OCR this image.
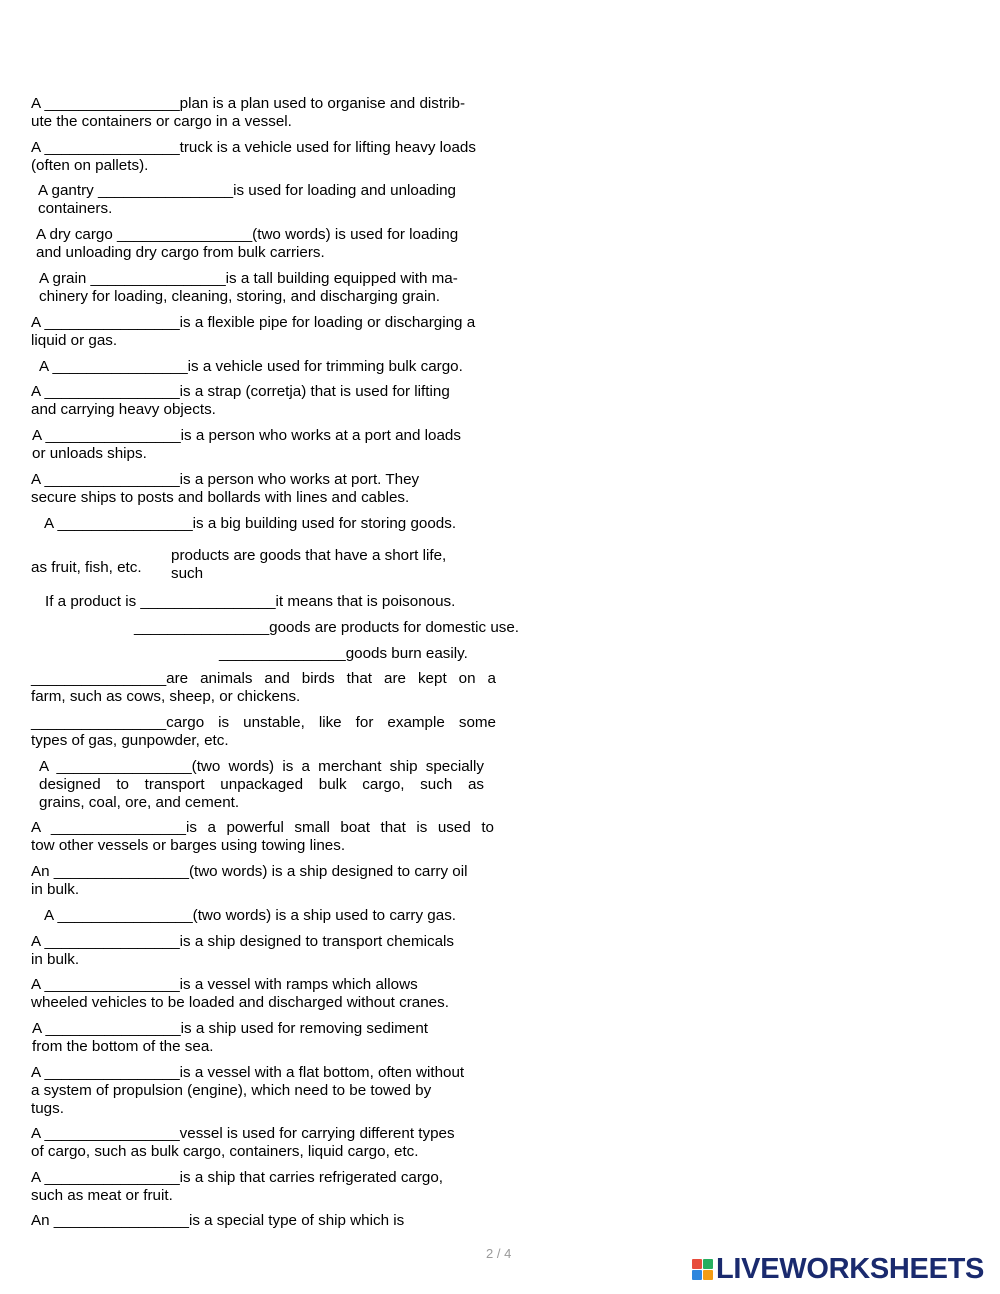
A ________________plan is a plan used to organise and distrib-
ute the containers or cargo in a vessel.
A ________________truck is a vehicle used for lifting heavy loads
(often on pallets).
A gantry ________________is used for loading and unloading
containers.
A dry cargo ________________(two words) is used for loading
and unloading dry cargo from bulk carriers.
A grain ________________is a tall building equipped with ma-
chinery for loading, cleaning, storing, and discharging grain.
A ________________is a flexible pipe for loading or discharging a
liquid or gas.
A ________________is a vehicle used for trimming bulk cargo.
A ________________is a strap (corretja) that is used for lifting
and carrying heavy objects.
A ________________is a person who works at a port and loads
or unloads ships.
A ________________is a person who works at port. They
secure ships to posts and bollards with lines and cables.
A ________________is a big building used for storing goods.
as fruit, fish, etc.
products are goods that have a short life,
such
If a product is ________________it means that is poisonous.
________________goods are products for domestic use.
_______________goods burn easily.
________________are animals and birds that are kept on a
farm, such as cows, sheep, or chickens.
________________cargo is unstable, like for example some
types of gas, gunpowder, etc.
A ________________(two words) is a merchant ship specially
designed to transport unpackaged bulk cargo, such as
grains, coal, ore, and cement.
A ________________is a powerful small boat that is used to
tow other vessels or barges using towing lines.
An ________________(two words) is a ship designed to carry oil
in bulk.
A ________________(two words) is a ship used to carry gas.
A ________________is a ship designed to transport chemicals
in bulk.
A ________________is a vessel with ramps which allows
wheeled vehicles to be loaded and discharged without cranes.
A ________________is a ship used for removing sediment
from the bottom of the sea.
A ________________is a vessel with a flat bottom, often without
a system of propulsion (engine), which need to be towed by
tugs.
A ________________vessel is used for carrying different types
of cargo, such as bulk cargo, containers, liquid cargo, etc.
A ________________is a ship that carries refrigerated cargo,
such as meat or fruit.
An ________________is a special type of ship which is
2 / 4	LIVEWORKSHEETS
